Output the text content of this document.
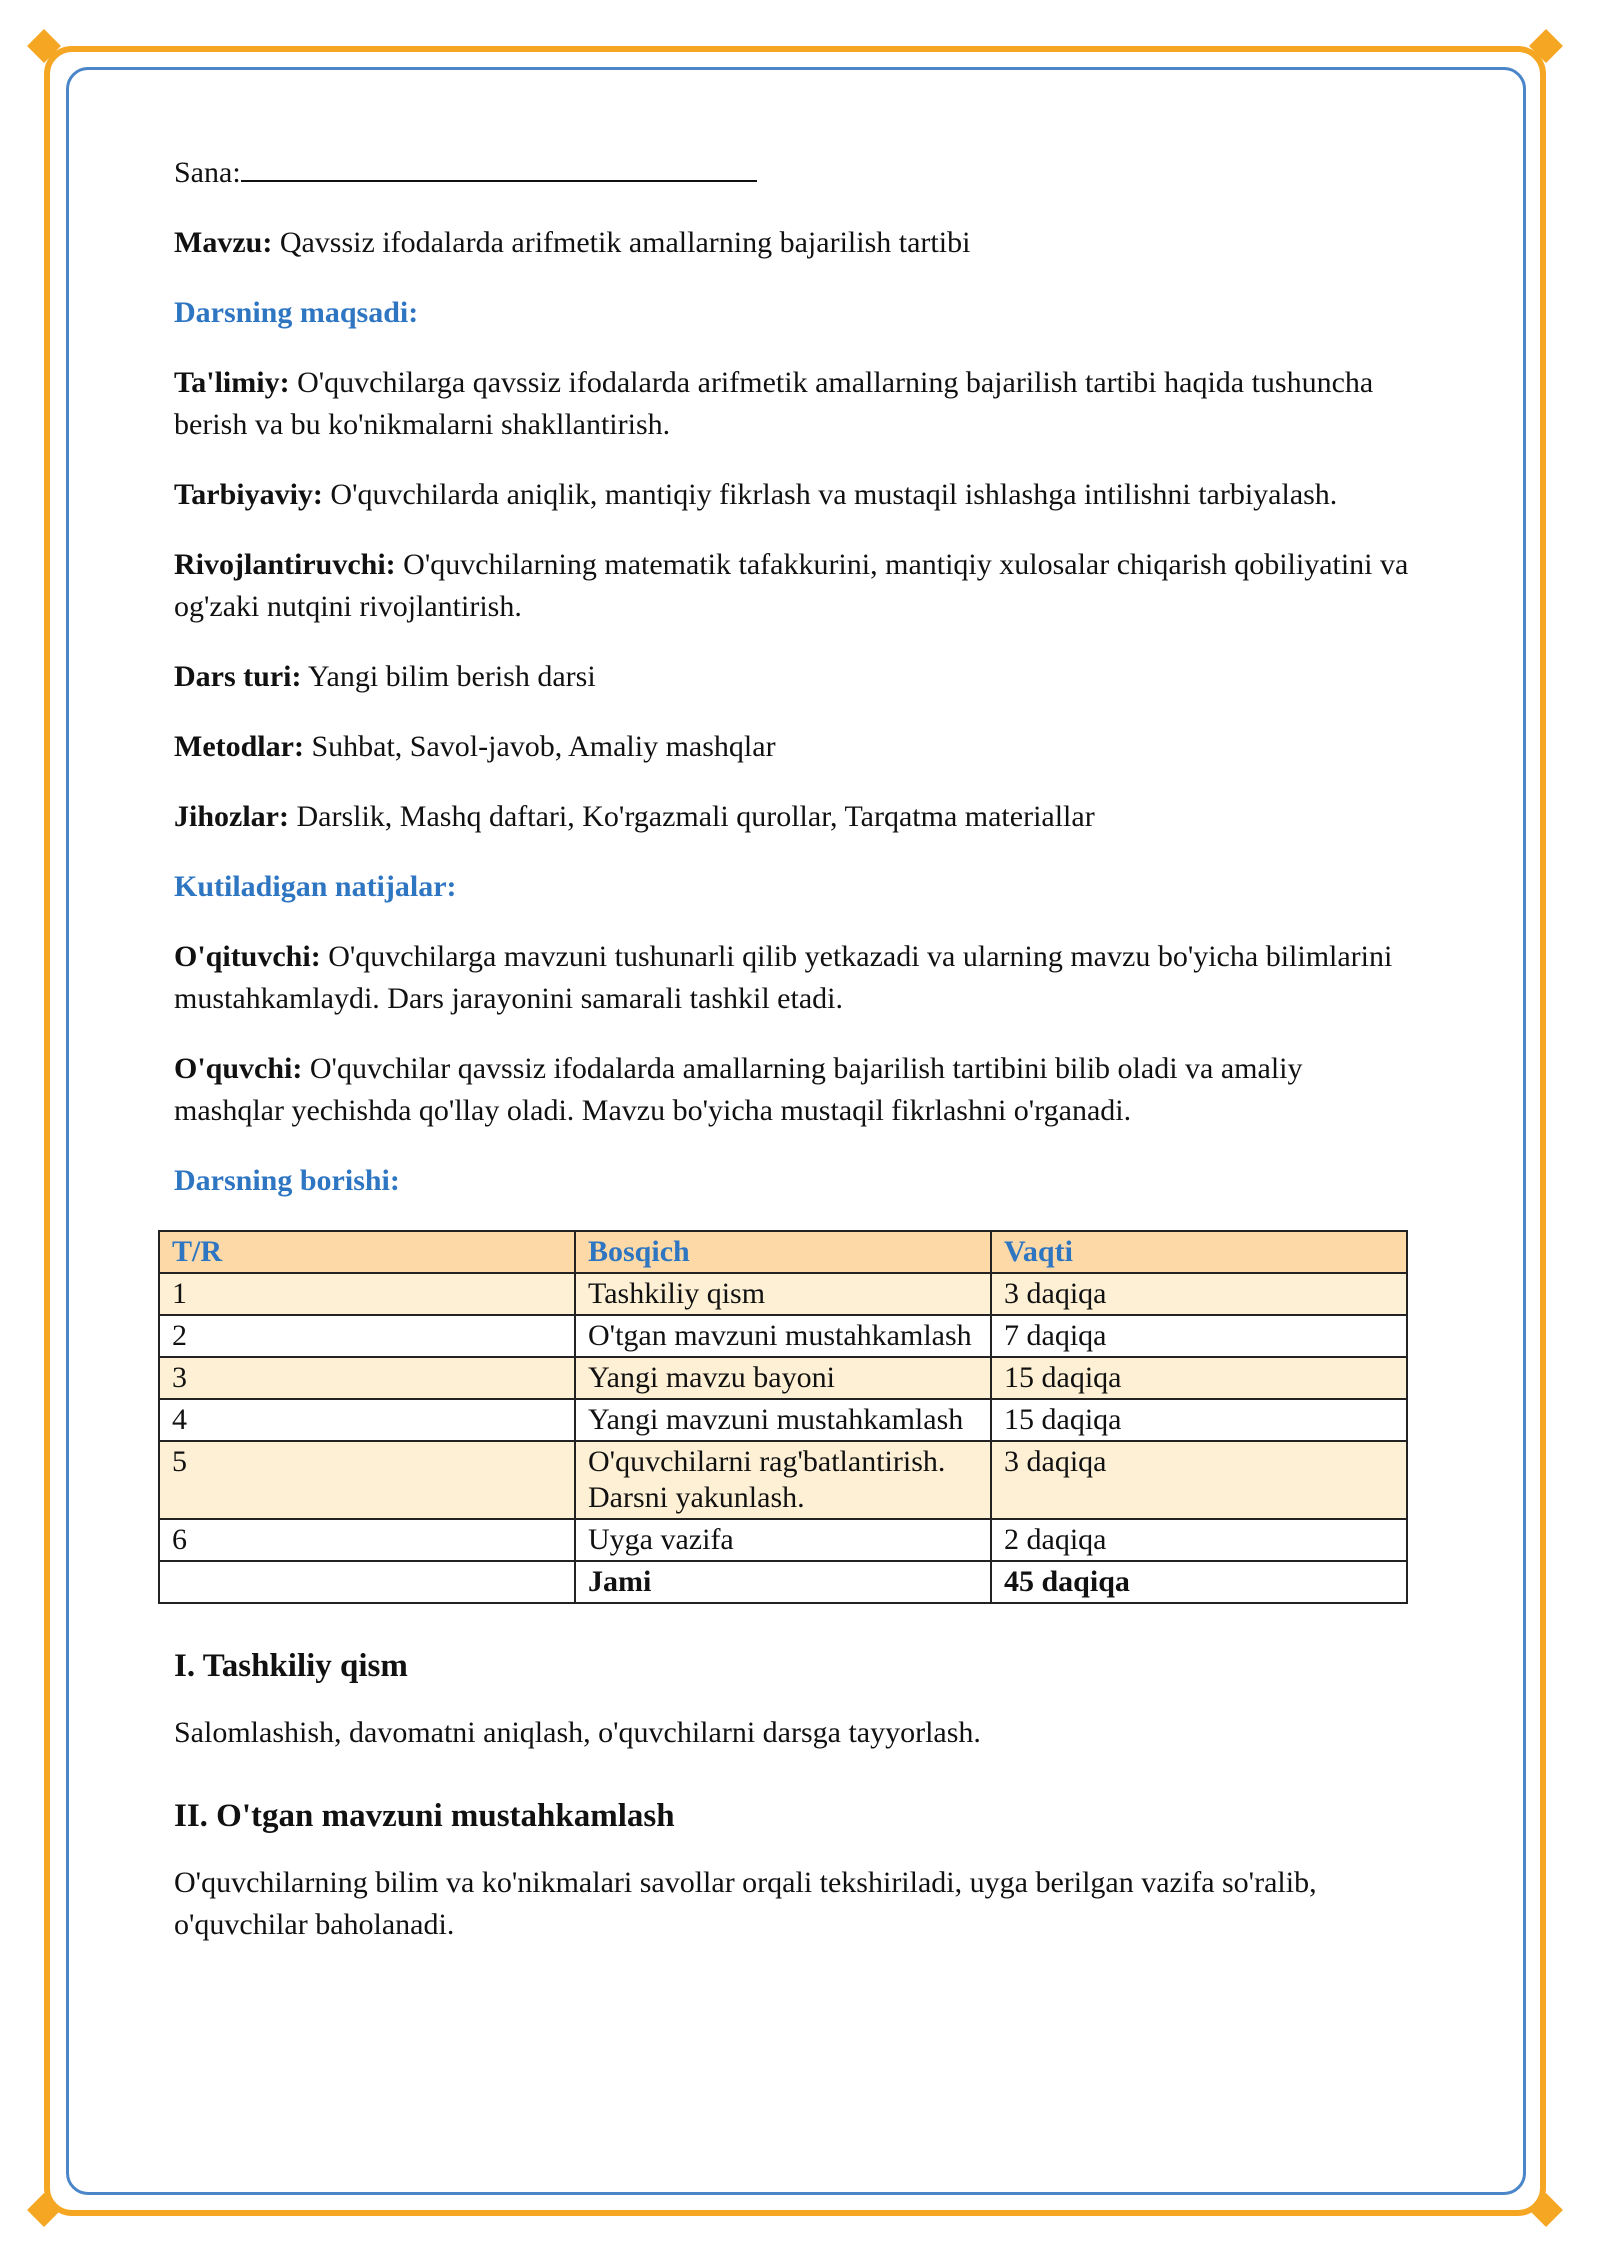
Sana:

Mavzu: Qavssiz ifodalarda arifmetik amallarning bajarilish tartibi

Darsning maqsadi:

Ta'limiy: O'quvchilarga qavssiz ifodalarda arifmetik amallarning bajarilish tartibi haqida tushuncha berish va bu ko'nikmalarni shakllantirish.

Tarbiyaviy: O'quvchilarda aniqlik, mantiqiy fikrlash va mustaqil ishlashga intilishni tarbiyalash.

Rivojlantiruvchi: O'quvchilarning matematik tafakkurini, mantiqiy xulosalar chiqarish qobiliyatini va og'zaki nutqini rivojlantirish.

Dars turi: Yangi bilim berish darsi

Metodlar: Suhbat, Savol-javob, Amaliy mashqlar

Jihozlar: Darslik, Mashq daftari, Ko'rgazmali qurollar, Tarqatma materiallar

Kutiladigan natijalar:

O'qituvchi: O'quvchilarga mavzuni tushunarli qilib yetkazadi va ularning mavzu bo'yicha bilimlarini mustahkamlaydi. Dars jarayonini samarali tashkil etadi.

O'quvchi: O'quvchilar qavssiz ifodalarda amallarning bajarilish tartibini bilib oladi va amaliy mashqlar yechishda qo'llay oladi. Mavzu bo'yicha mustaqil fikrlashni o'rganadi.

Darsning borishi:

T/R	Bosqich	Vaqti
1	Tashkiliy qism	3 daqiqa
2	O'tgan mavzuni mustahkamlash	7 daqiqa
3	Yangi mavzu bayoni	15 daqiqa
4	Yangi mavzuni mustahkamlash	15 daqiqa
5	O'quvchilarni rag'batlantirish. Darsni yakunlash.	3 daqiqa
6	Uyga vazifa	2 daqiqa
	Jami	45 daqiqa
I. Tashkiliy qism

Salomlashish, davomatni aniqlash, o'quvchilarni darsga tayyorlash.

II. O'tgan mavzuni mustahkamlash

O'quvchilarning bilim va ko'nikmalari savollar orqali tekshiriladi, uyga berilgan vazifa so'ralib, o'quvchilar baholanadi.
